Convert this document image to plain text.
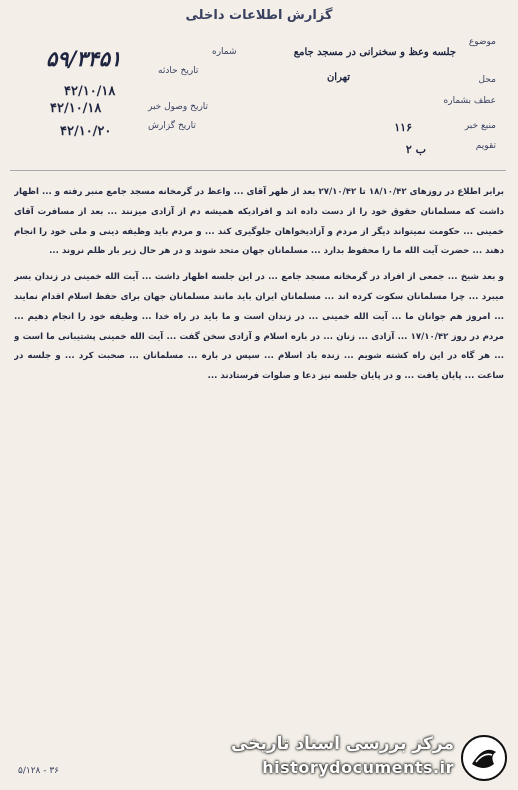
گزارش اطلاعات داخلی
شماره
تاریخ حادثه
تاریخ وصول خبر
تاریخ گزارش
۵۹/۳۴۵۱
۴۲/۱۰/۱۸
۴۲/۱۰/۱۸
۴۲/۱۰/۲۰
موضوع
جلسه وعظ و سخنرانی در مسجد جامع
محل
تهران
عطف بشماره
منبع خبر
۱۱۶
تقویم
ب ۲

برابر اطلاع در روزهای ۱۸/۱۰/۴۲ تا ۲۷/۱۰/۴۲ بعد از ظهر آقای ... واعظ در گرمخانه مسجد جامع منبر رفته و ... اظهار داشت که مسلمانان حقوق خود را از دست داده اند و افرادیکه همیشه دم از آزادی میزنند ... بعد از مسافرت آقای خمینی ... حکومت نمیتواند دیگر از مردم و آزادیخواهان جلوگیری کند ... و مردم باید وظیفه دینی و ملی خود را انجام دهند ... حضرت آیت الله ما را محفوظ بدارد ... مسلمانان جهان متحد شوند و در هر حال زیر بار ظلم نروند ...

و بعد شیخ ... جمعی از افراد در گرمخانه مسجد جامع ... در این جلسه اظهار داشت ... آیت الله خمینی در زندان بسر میبرد ... چرا مسلمانان سکوت کرده اند ... مسلمانان ایران باید مانند مسلمانان جهان برای حفظ اسلام اقدام نمایند ... امروز هم جوانان ما ... آیت الله خمینی ... در زندان است و ما باید در راه خدا ... وظیفه خود را انجام دهیم ... مردم در روز ۱۷/۱۰/۴۲ ... آزادی ... زنان ... در باره اسلام و آزادی سخن گفت ... آیت الله خمینی پشتیبانی ما است و ... هر گاه در این راه کشته شویم ... زنده باد اسلام ... سپس در باره ... مسلمانان ... صحبت کرد ... و جلسه در ساعت ... پایان یافت ... و در پایان جلسه نیز دعا و صلوات فرستادند ...

۵/۱۲۸ - ۳۶
مرکز بررسی اسناد تاریخی
historydocuments.ir
